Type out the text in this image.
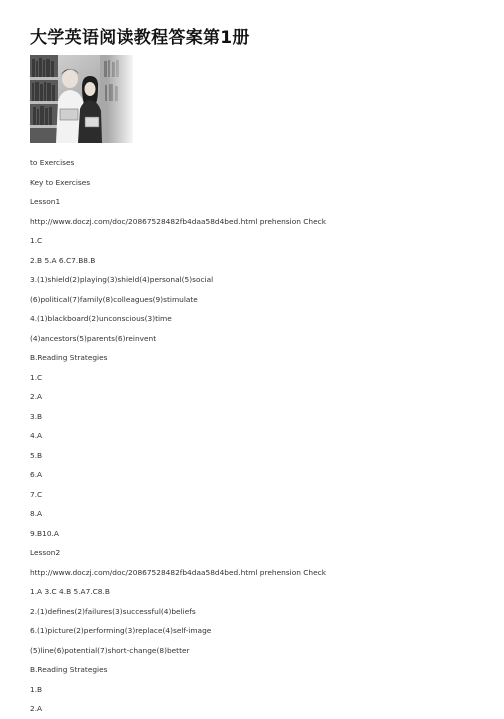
大学英语阅读教程答案第1册
to Exercises
Key to Exercises
Lesson1
http://www.doczj.com/doc/20867528482fb4daa58d4bed.html prehension Check
1.C
2.B 5.A 6.C7.B8.B
3.(1)shield(2)playing(3)shield(4)personal(5)social
(6)political(7)family(8)colleagues(9)stimulate
4.(1)blackboard(2)unconscious(3)time
(4)ancestors(5)parents(6)reinvent
B.Reading Strategies
1.C
2.A
3.B
4.A
5.B
6.A
7.C
8.A
9.B10.A
Lesson2
http://www.doczj.com/doc/20867528482fb4daa58d4bed.html prehension Check
1.A 3.C 4.B 5.A7.C8.B
2.(1)defines(2)failures(3)successful(4)beliefs
6.(1)picture(2)performing(3)replace(4)self-image
(5)line(6)potential(7)short-change(8)better
B.Reading Strategies
1.B
2.A
